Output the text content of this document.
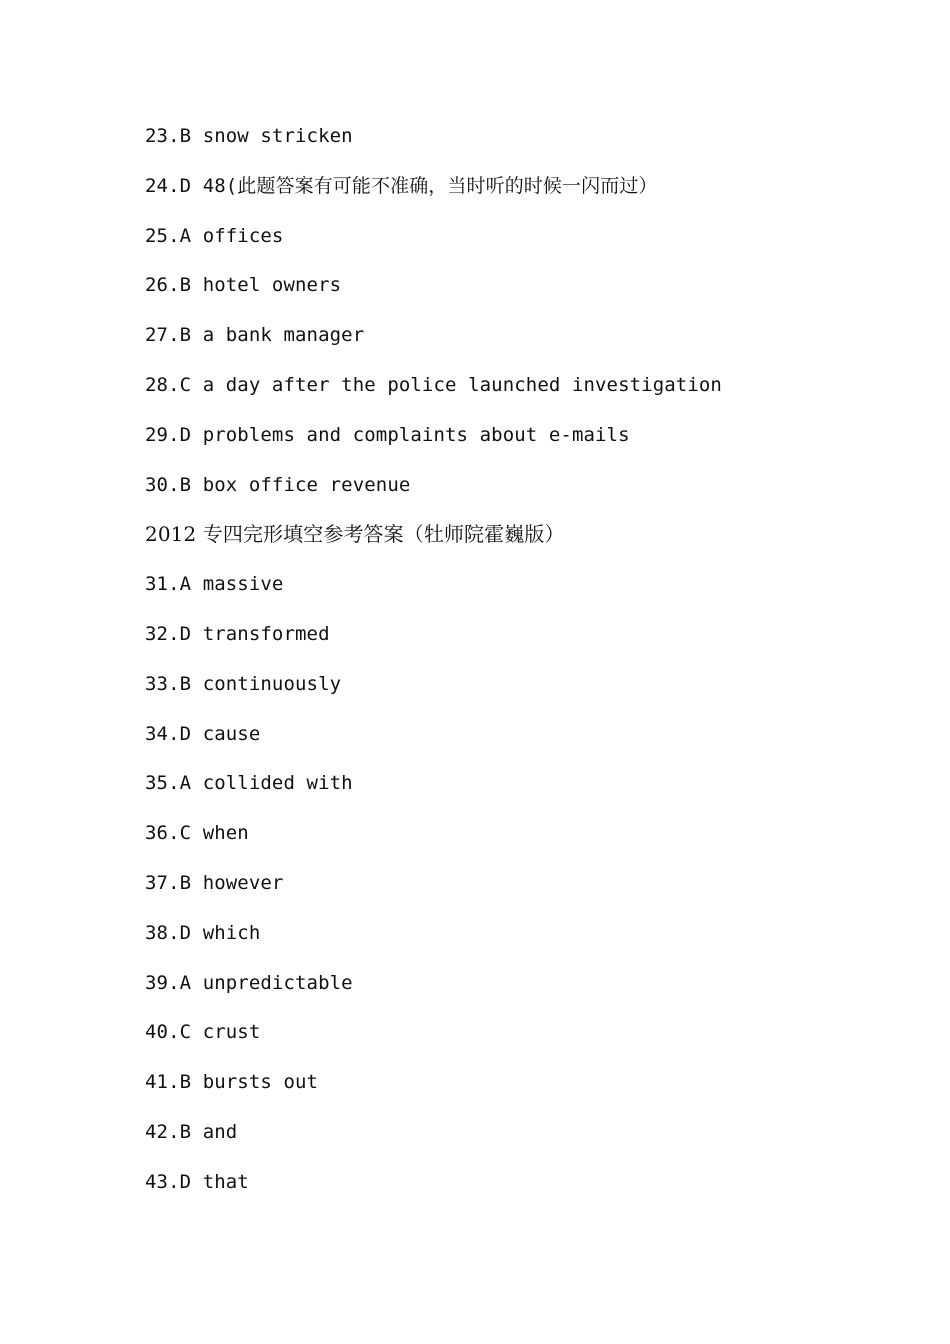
23.B snow stricken
24.D 48(此题答案有可能不准确，当时听的时候一闪而过）
25.A offices
26.B hotel owners
27.B a bank manager
28.C a day after the police launched investigation
29.D problems and complaints about e-mails
30.B box office revenue
2012 专四完形填空参考答案（牡师院霍巍版）
31.A massive
32.D transformed
33.B continuously
34.D cause
35.A collided with
36.C when
37.B however
38.D which
39.A unpredictable
40.C crust
41.B bursts out
42.B and
43.D that
